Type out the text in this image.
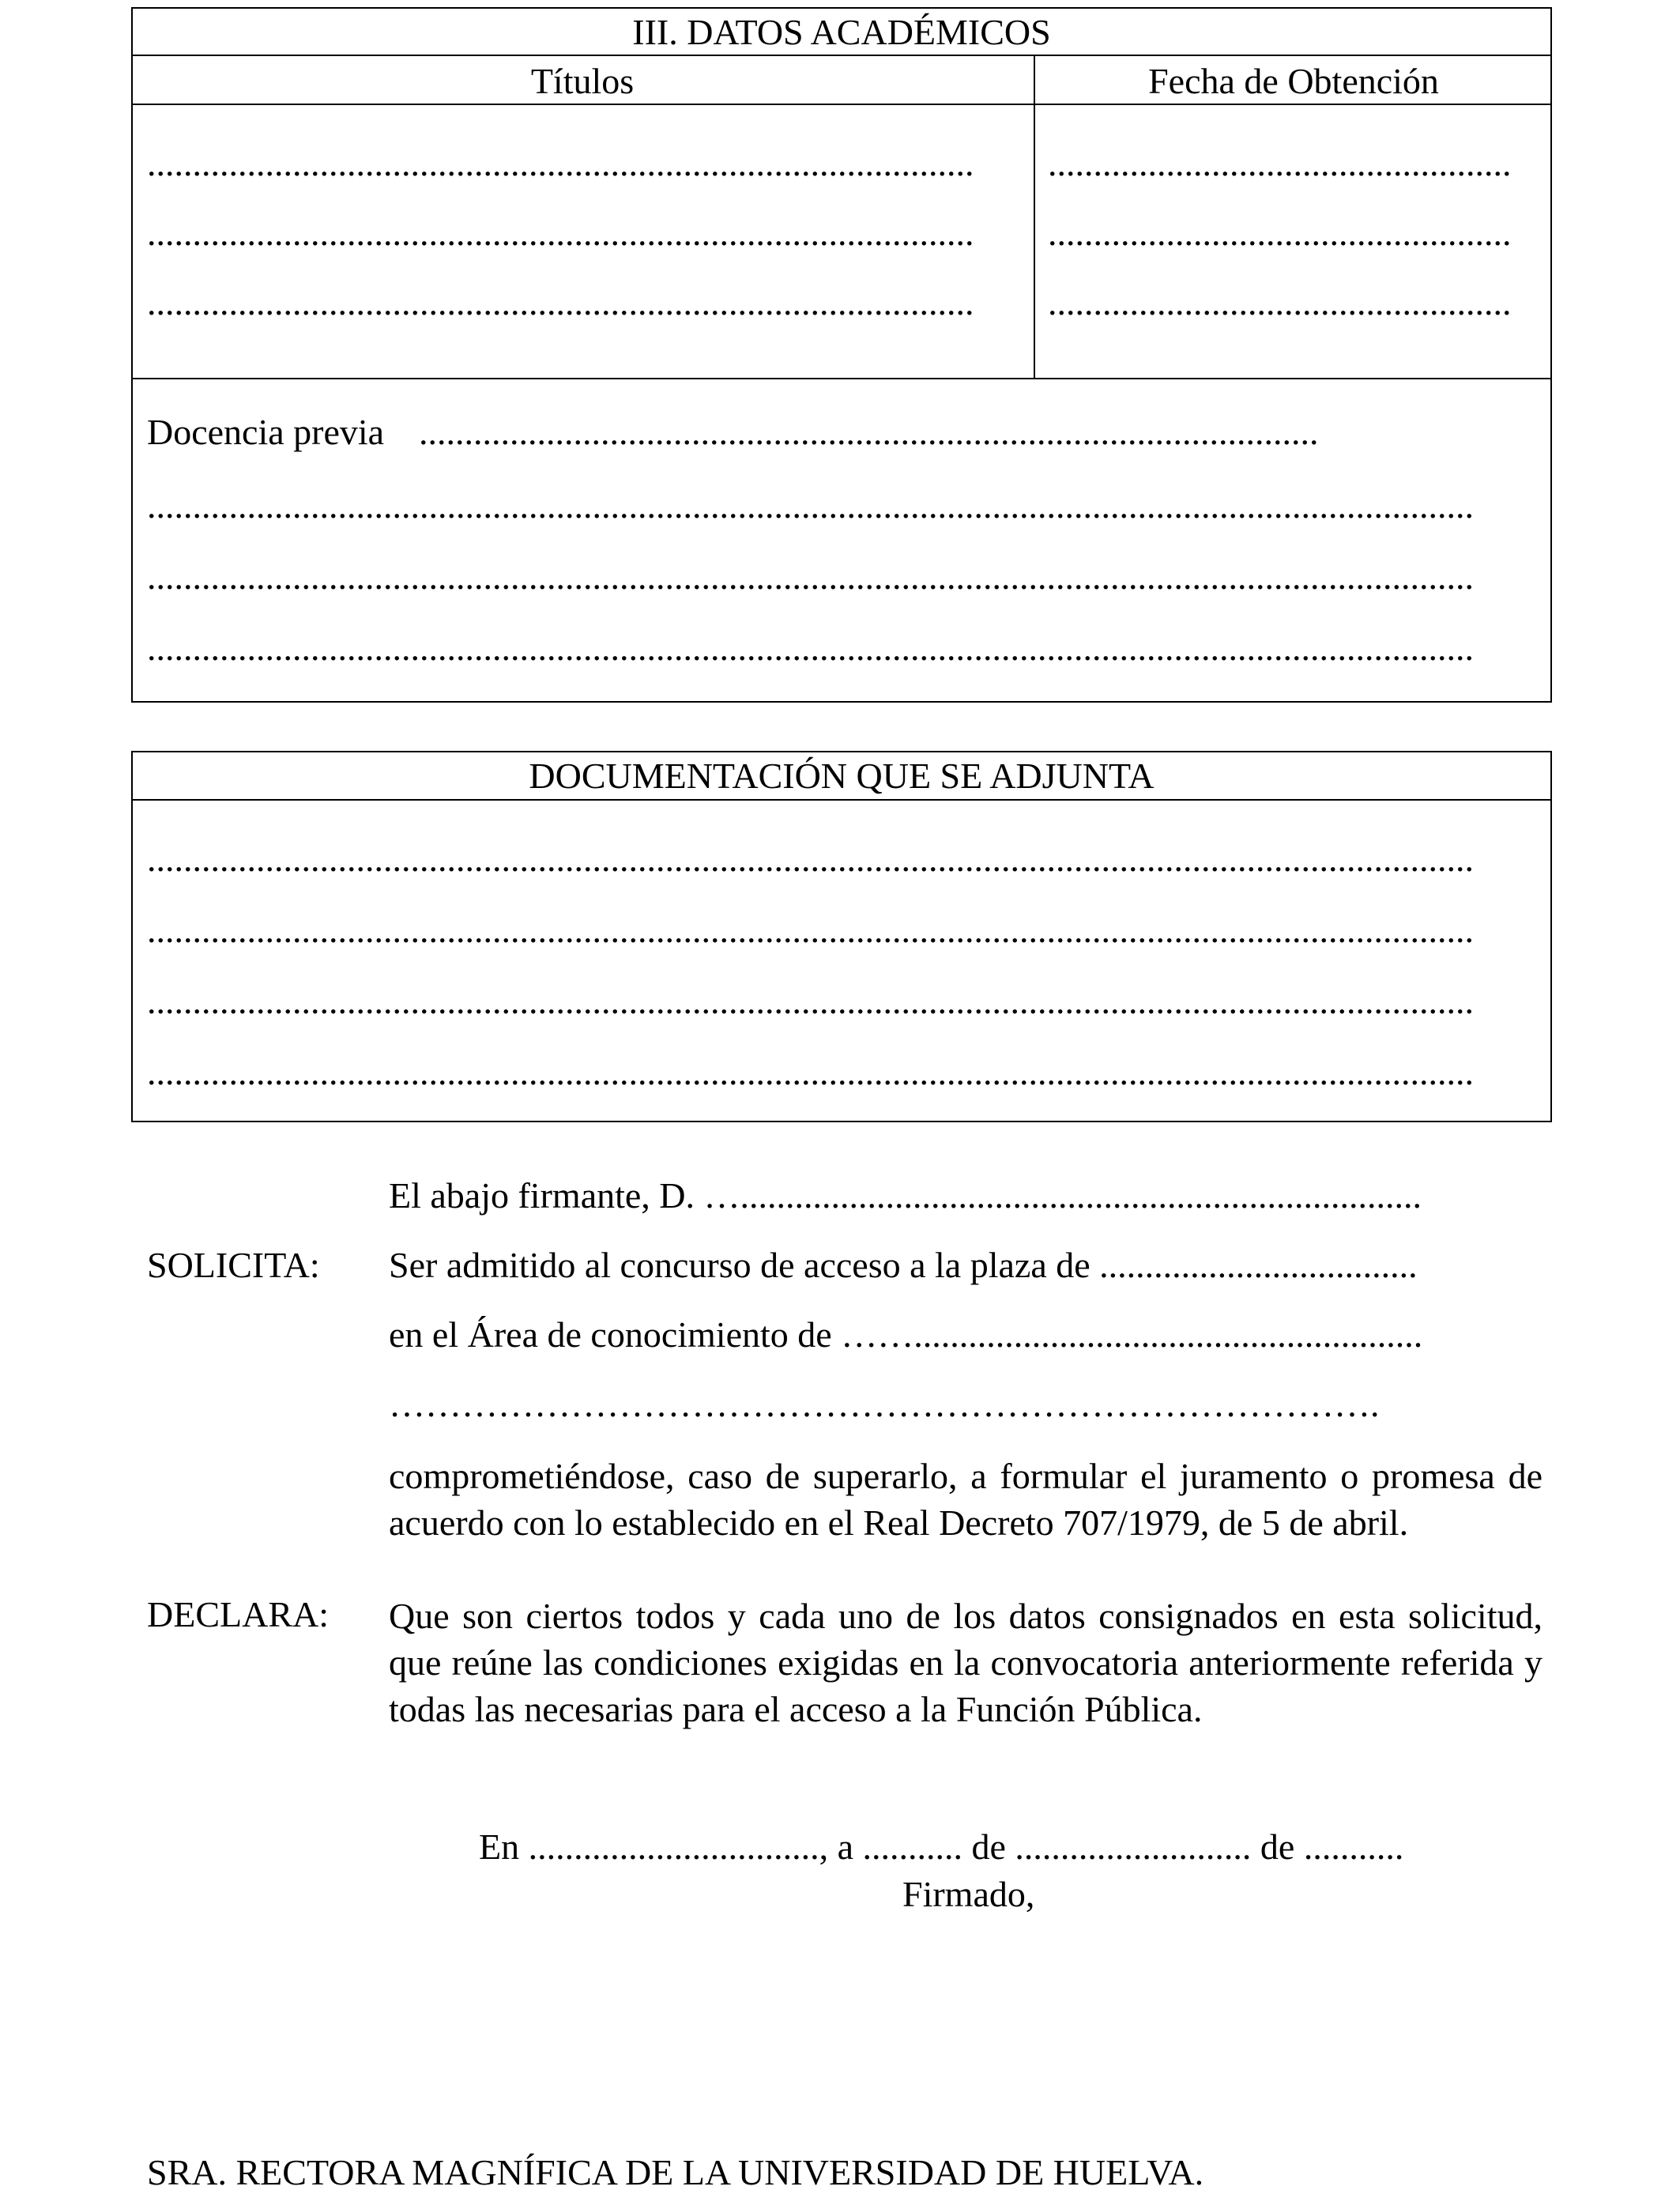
III. DATOS ACADÉMICOS
Títulos	Fecha de Obtención
...........................................................................................
...........................................................................................
...........................................................................................
...................................................
...................................................
...................................................
Docencia previa ...................................................................................................
..................................................................................................................................................
..................................................................................................................................................
..................................................................................................................................................
DOCUMENTACIÓN QUE SE ADJUNTA
..................................................................................................................................................
..................................................................................................................................................
..................................................................................................................................................
..................................................................................................................................................
El abajo firmante, D. …...........................................................................
SOLICITA: Ser admitido al concurso de acceso a la plaza de ...................................
en el Área de conocimiento de ……........................................................
……………………………………………………………………….
comprometiéndose, caso de superarlo, a formular el juramento o promesa de acuerdo con lo establecido en el Real Decreto 707/1979, de 5 de abril.
DECLARA: Que son ciertos todos y cada uno de los datos consignados en esta solicitud, que reúne las condiciones exigidas en la convocatoria anteriormente referida y todas las necesarias para el acceso a la Función Pública.
En ................................, a ........... de .......................... de ...........
Firmado,
SRA. RECTORA MAGNÍFICA DE LA UNIVERSIDAD DE HUELVA.
